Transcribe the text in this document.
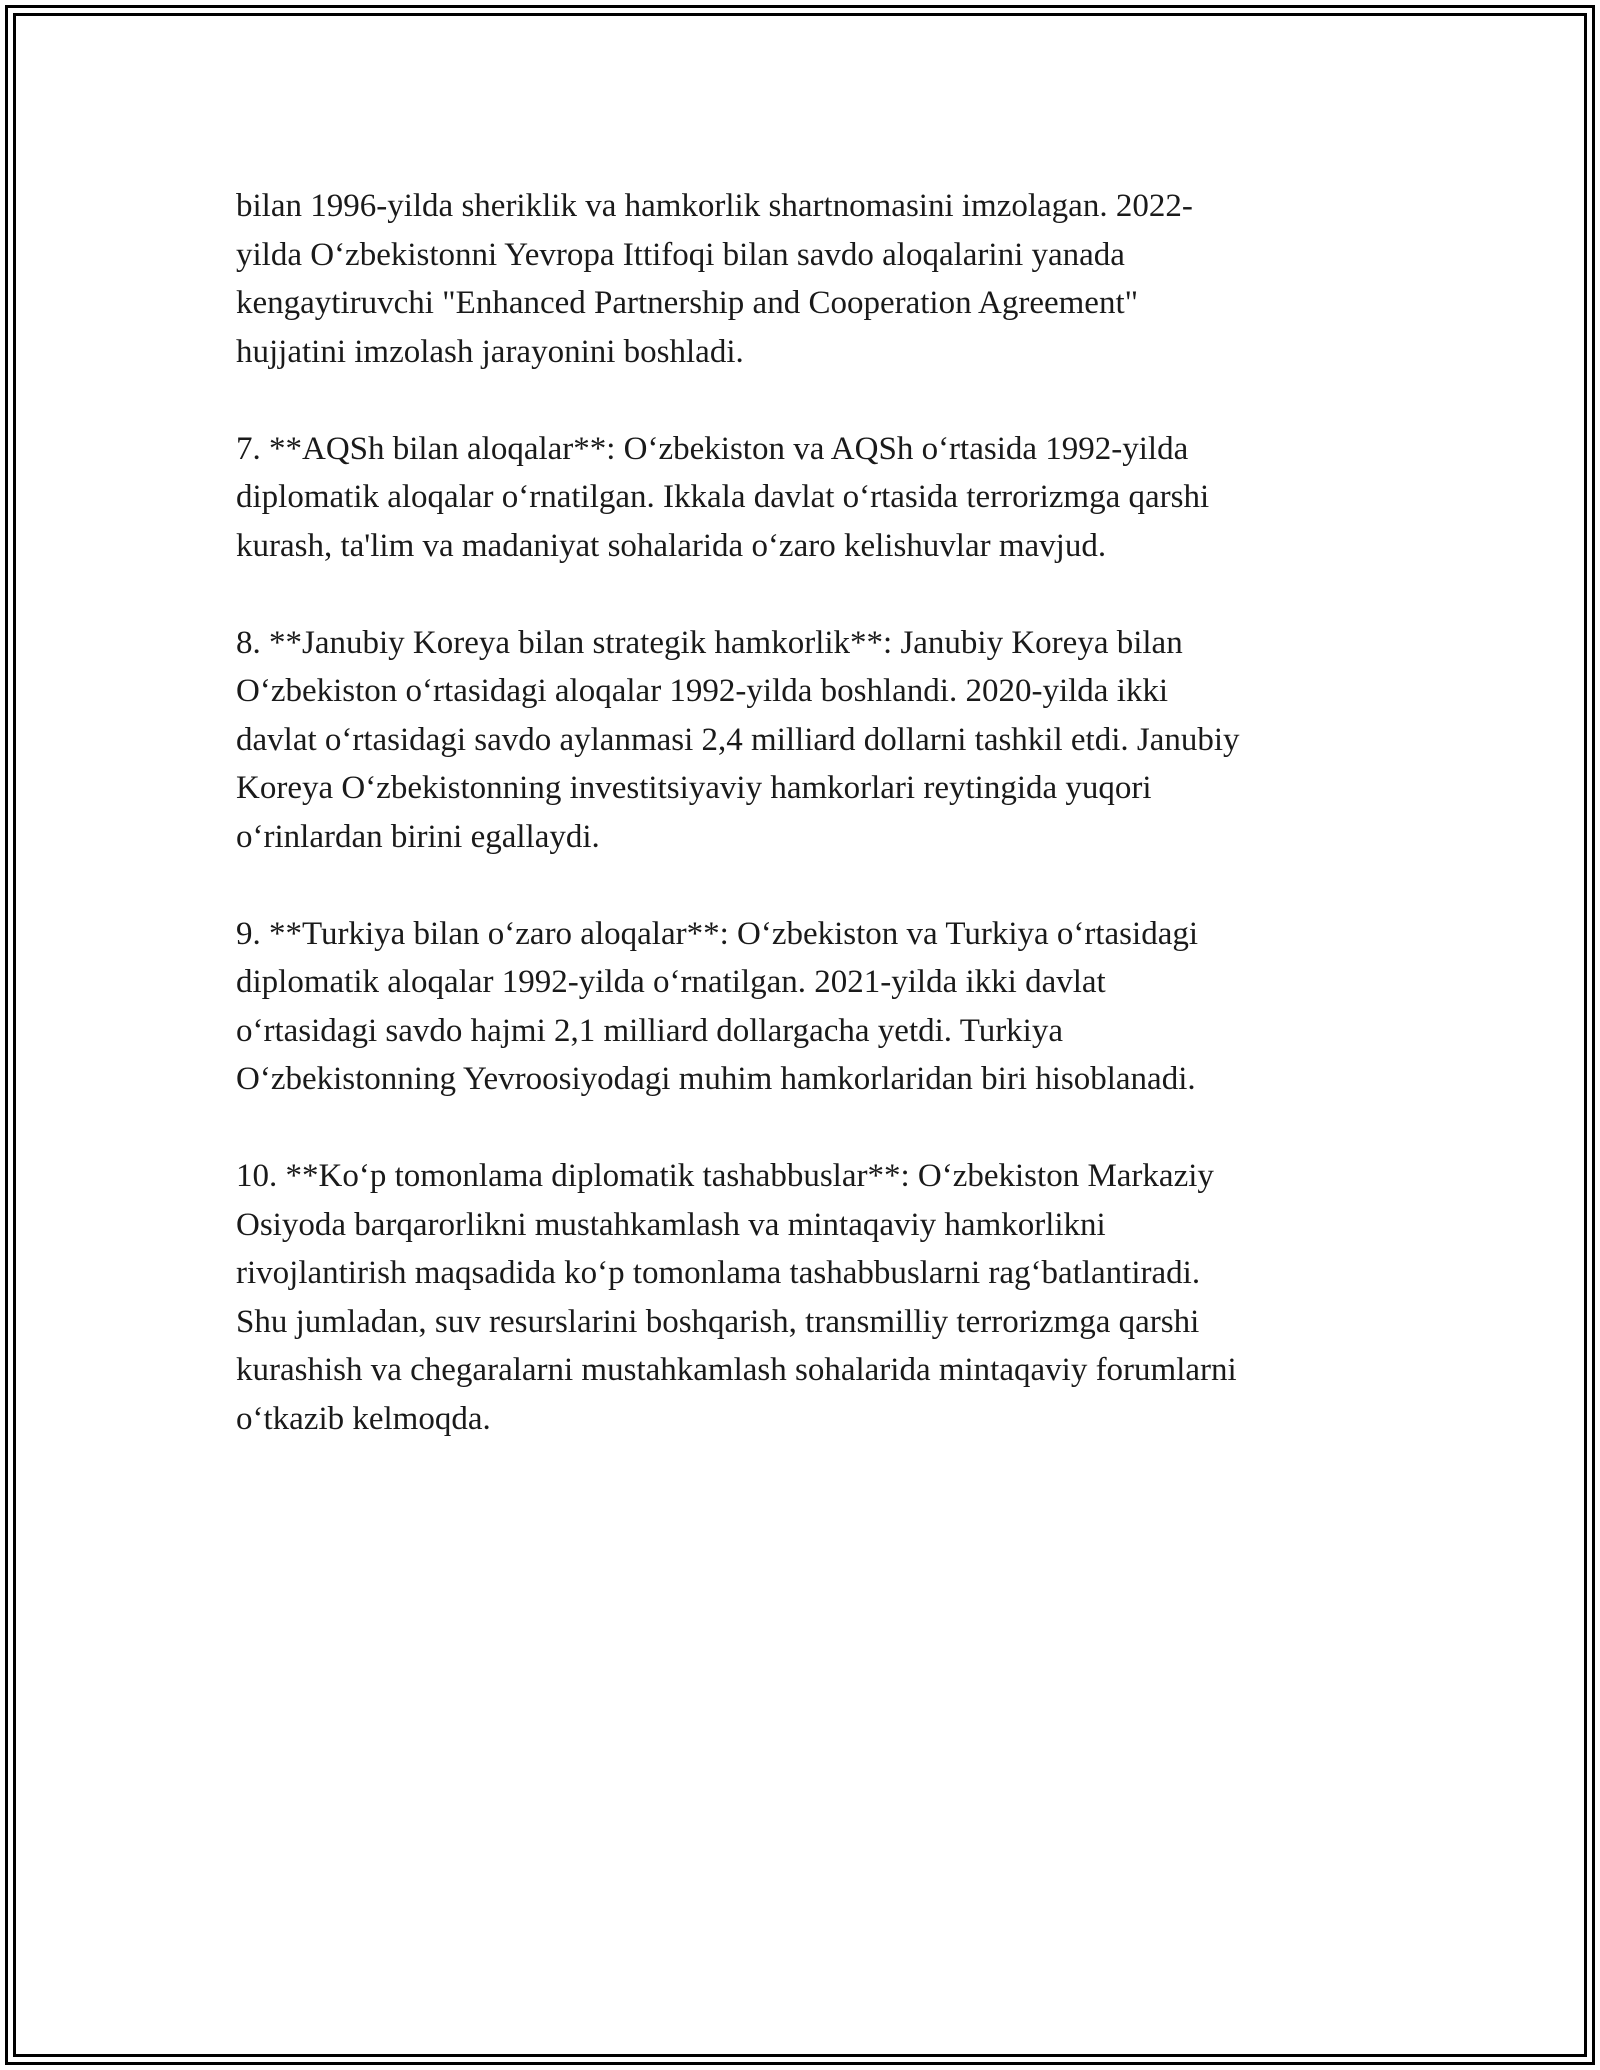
bilan 1996-yilda sheriklik va hamkorlik shartnomasini imzolagan. 2022-
yilda O‘zbekistonni Yevropa Ittifoqi bilan savdo aloqalarini yanada
kengaytiruvchi "Enhanced Partnership and Cooperation Agreement"
hujjatini imzolash jarayonini boshladi.

7. **AQSh bilan aloqalar**: O‘zbekiston va AQSh o‘rtasida 1992-yilda
diplomatik aloqalar o‘rnatilgan. Ikkala davlat o‘rtasida terrorizmga qarshi
kurash, ta'lim va madaniyat sohalarida o‘zaro kelishuvlar mavjud.

8. **Janubiy Koreya bilan strategik hamkorlik**: Janubiy Koreya bilan
O‘zbekiston o‘rtasidagi aloqalar 1992-yilda boshlandi. 2020-yilda ikki
davlat o‘rtasidagi savdo aylanmasi 2,4 milliard dollarni tashkil etdi. Janubiy
Koreya O‘zbekistonning investitsiyaviy hamkorlari reytingida yuqori
o‘rinlardan birini egallaydi.

9. **Turkiya bilan o‘zaro aloqalar**: O‘zbekiston va Turkiya o‘rtasidagi
diplomatik aloqalar 1992-yilda o‘rnatilgan. 2021-yilda ikki davlat
o‘rtasidagi savdo hajmi 2,1 milliard dollargacha yetdi. Turkiya
O‘zbekistonning Yevroosiyodagi muhim hamkorlaridan biri hisoblanadi.

10. **Ko‘p tomonlama diplomatik tashabbuslar**: O‘zbekiston Markaziy
Osiyoda barqarorlikni mustahkamlash va mintaqaviy hamkorlikni
rivojlantirish maqsadida ko‘p tomonlama tashabbuslarni rag‘batlantiradi.
Shu jumladan, suv resurslarini boshqarish, transmilliy terrorizmga qarshi
kurashish va chegaralarni mustahkamlash sohalarida mintaqaviy forumlarni
o‘tkazib kelmoqda.
